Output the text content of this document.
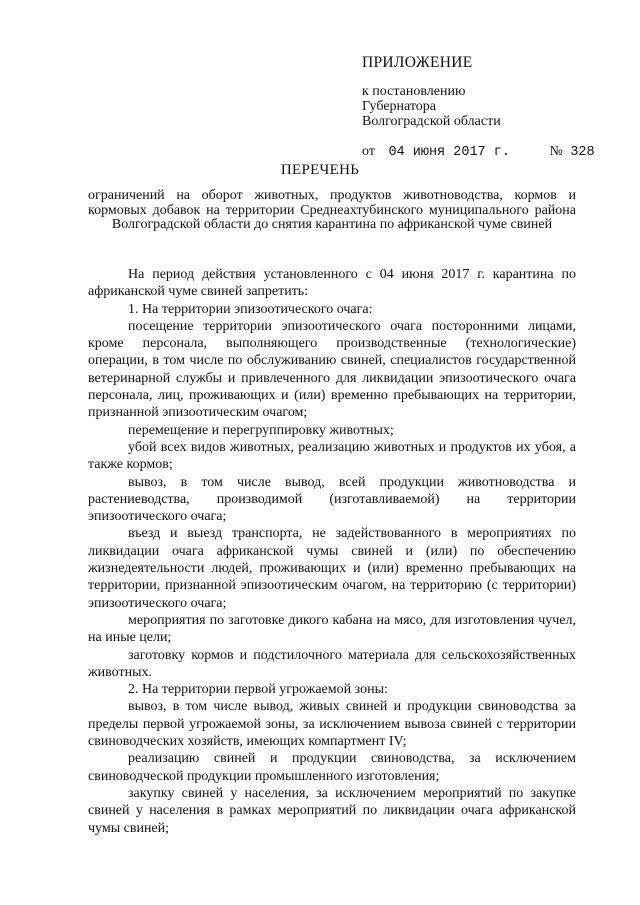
ПРИЛОЖЕНИЕ
к постановлению
Губернатора
Волгоградской области
от 04 июня 2017 г.	№ 328
ПЕРЕЧЕНЬ
ограничений на оборот животных, продуктов животноводства, кормов и кормовых добавок на территории Среднеахтубинского муниципального района Волгоградской области до снятия карантина по африканской чуме свиней

На период действия установленного с 04 июня 2017 г. карантина по африканской чуме свиней запретить:

1. На территории эпизоотического очага:

посещение территории эпизоотического очага посторонними лицами, кроме персонала, выполняющего производственные (технологические) операции, в том числе по обслуживанию свиней, специалистов государственной ветеринарной службы и привлеченного для ликвидации эпизоотического очага персонала, лиц, проживающих и (или) временно пребывающих на территории, признанной эпизоотическим очагом;

перемещение и перегруппировку животных;

убой всех видов животных, реализацию животных и продуктов их убоя, а также кормов;

вывоз, в том числе вывод, всей продукции животноводства и растениеводства, производимой (изготавливаемой) на территории эпизоотического очага;

въезд и выезд транспорта, не задействованного в мероприятиях по ликвидации очага африканской чумы свиней и (или) по обеспечению жизнедеятельности людей, проживающих и (или) временно пребывающих на территории, признанной эпизоотическим очагом, на территорию (с территории) эпизоотического очага;

мероприятия по заготовке дикого кабана на мясо, для изготовления чучел, на иные цели;

заготовку кормов и подстилочного материала для сельскохозяйственных животных.

2. На территории первой угрожаемой зоны:

вывоз, в том числе вывод, живых свиней и продукции свиноводства за пределы первой угрожаемой зоны, за исключением вывоза свиней с территории свиноводческих хозяйств, имеющих компартмент IV;

реализацию свиней и продукции свиноводства, за исключением свиноводческой продукции промышленного изготовления;

закупку свиней у населения, за исключением мероприятий по закупке свиней у населения в рамках мероприятий по ликвидации очага африканской чумы свиней;
